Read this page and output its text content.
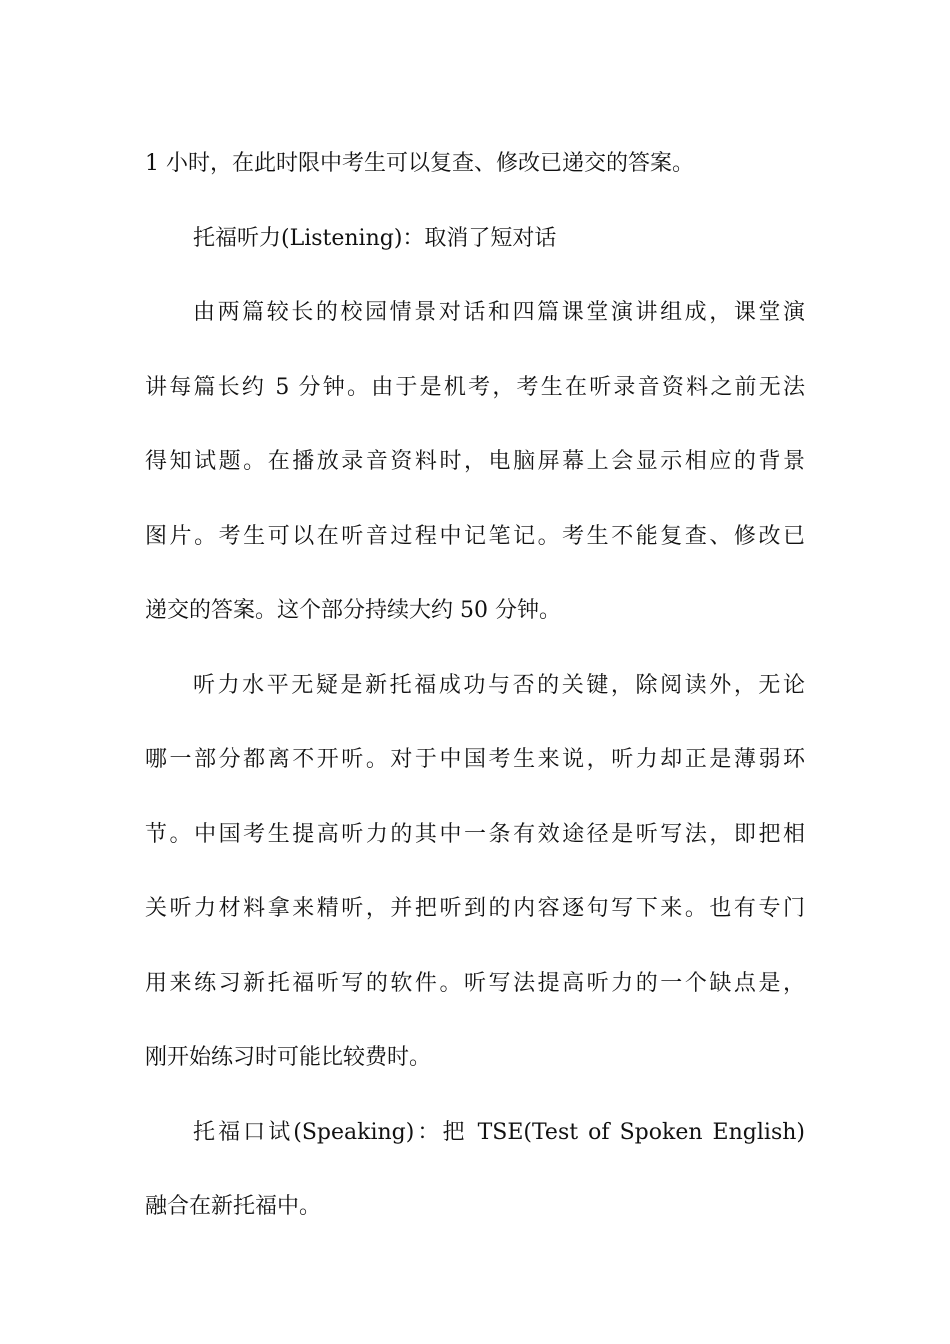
1 小时，在此时限中考生可以复查、修改已递交的答案。
托福听力(Listening)：取消了短对话
由两篇较长的校园情景对话和四篇课堂演讲组成，课堂演
讲每篇长约 5 分钟。由于是机考，考生在听录音资料之前无法
得知试题。在播放录音资料时，电脑屏幕上会显示相应的背景
图片。考生可以在听音过程中记笔记。考生不能复查、修改已
递交的答案。这个部分持续大约 50 分钟。
听力水平无疑是新托福成功与否的关键，除阅读外，无论
哪一部分都离不开听。对于中国考生来说，听力却正是薄弱环
节。中国考生提高听力的其中一条有效途径是听写法，即把相
关听力材料拿来精听，并把听到的内容逐句写下来。也有专门
用来练习新托福听写的软件。听写法提高听力的一个缺点是，
刚开始练习时可能比较费时。
托福口试(Speaking)：把 TSE(Test of Spoken English)
融合在新托福中。
